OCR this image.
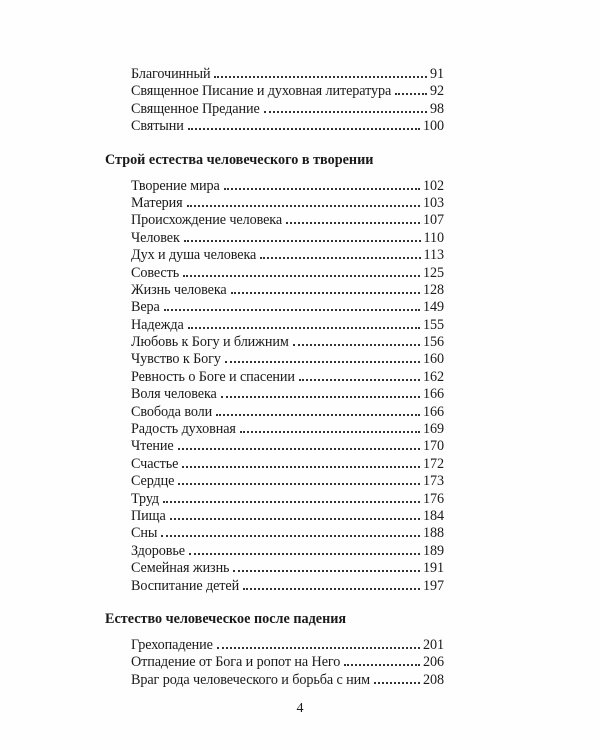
Благочинный	91
Священное Писание и духовная литература	92
Священное Предание	98
Святыни	100
Строй естества человеческого в творении
Творение мира	102
Материя	103
Происхождение человека	107
Человек	110
Дух и душа человека	113
Совесть	125
Жизнь человека	128
Вера	149
Надежда	155
Любовь к Богу и ближним	156
Чувство к Богу	160
Ревность о Боге и спасении	162
Воля человека	166
Свобода воли	166
Радость духовная	169
Чтение	170
Счастье	172
Сердце	173
Труд	176
Пища	184
Сны	188
Здоровье	189
Семейная жизнь	191
Воспитание детей	197
Естество человеческое после падения
Грехопадение	201
Отпадение от Бога и ропот на Него	206
Враг рода человеческого и борьба с ним	208
4
